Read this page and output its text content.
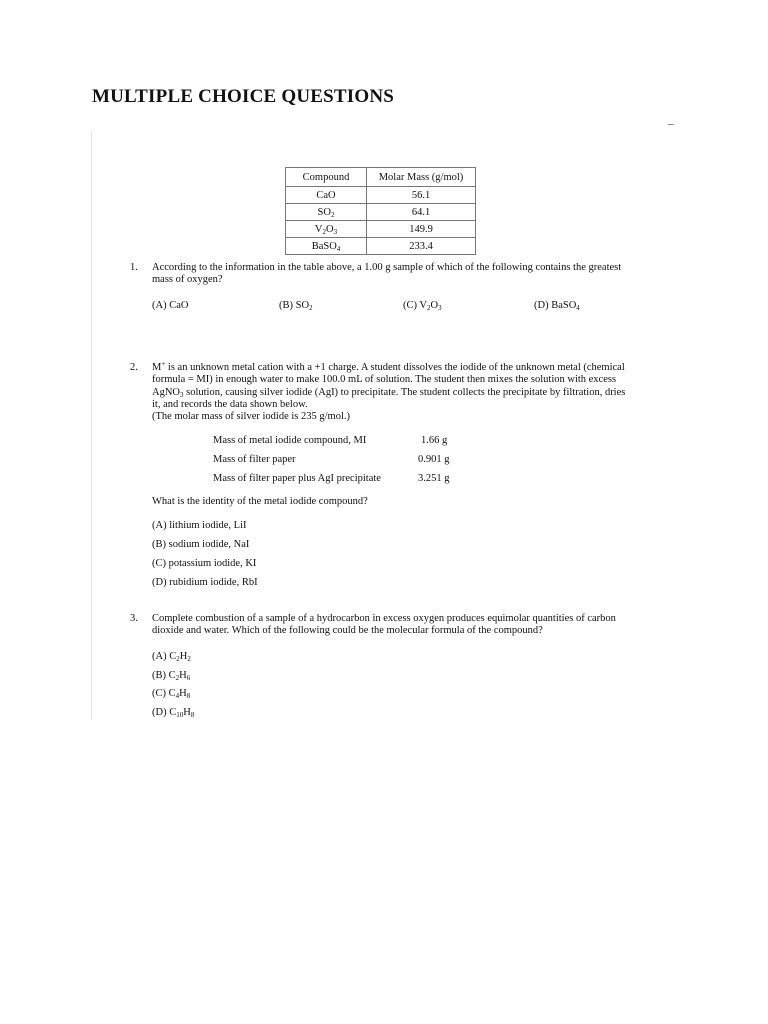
MULTIPLE CHOICE QUESTIONS
–
Compound	Molar Mass (g/mol)
CaO	56.1
$SO_2$	64.1
$V_2O_3$	149.9
BaSO$_4$	233.4
1. According to the information in the table above, a 1.00 g sample of which of the following contains the greatest mass of oxygen?
(A) CaO	(B) $SO_2$	(C) $V_2O_3$	(D) BaSO$_4$
2. M+ is an unknown metal cation with a +1 charge. A student dissolves the iodide of the unknown metal (chemical formula = MI) in enough water to make 100.0 mL of solution. The student then mixes the solution with excess AgNO$_3$ solution, causing silver iodide (AgI) to precipitate. The student collects the precipitate by filtration, dries it, and records the data shown below.
(The molar mass of silver iodide is 235 g/mol.)
Mass of metal iodide compound, MI	1.66 g
Mass of filter paper	0.901 g
Mass of filter paper plus AgI precipitate	3.251 g
What is the identity of the metal iodide compound?
(A) lithium iodide, LiI
(B) sodium iodide, NaI
(C) potassium iodide, KI
(D) rubidium iodide, RbI
3. Complete combustion of a sample of a hydrocarbon in excess oxygen produces equimolar quantities of carbon dioxide and water. Which of the following could be the molecular formula of the compound?
(A) $C_2H_2$
(B) $C_2H_6$
(C) $C_4H_8$
(D) $C_{10}H_8$
